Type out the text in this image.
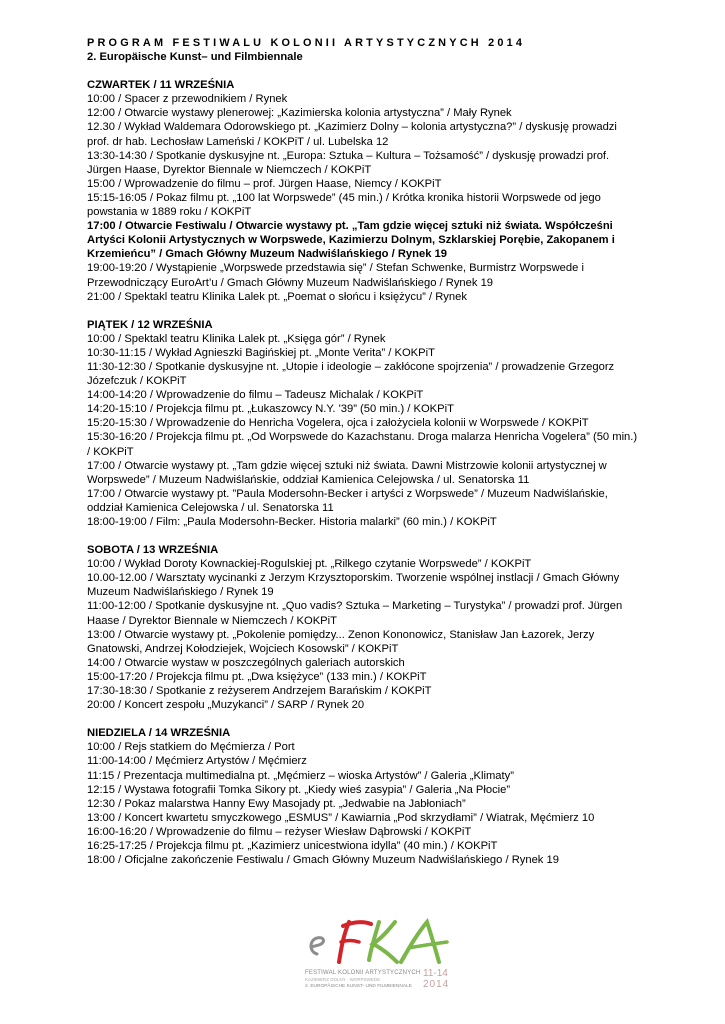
PROGRAM FESTIWALU KOLONII ARTYSTYCZNYCH 2014
2. Europäische Kunst– und Filmbiennale
CZWARTEK / 11 WRZEŚNIA
10:00 / Spacer z przewodnikiem / Rynek
12:00 / Otwarcie wystawy plenerowej: „Kazimierska kolonia artystyczna” / Mały Rynek
12.30 / Wykład Waldemara Odorowskiego pt. „Kazimierz Dolny – kolonia artystyczna?” / dyskusję prowadzi prof. dr hab. Lechosław Lameński / KOKPiT / ul. Lubelska 12
13:30-14:30 / Spotkanie dyskusyjne nt. „Europa: Sztuka – Kultura – Tożsamość” / dyskusję prowadzi prof. Jürgen Haase, Dyrektor Biennale w Niemczech / KOKPiT
15:00 / Wprowadzenie do filmu – prof. Jürgen Haase, Niemcy / KOKPiT
15:15-16:05 / Pokaz filmu pt. „100 lat Worpswede” (45 min.) / Krótka kronika historii Worpswede od jego powstania w 1889 roku / KOKPiT
17:00 / Otwarcie Festiwalu / Otwarcie wystawy pt. „Tam gdzie więcej sztuki niż świata. Współcześni Artyści Kolonii Artystycznych w Worpswede, Kazimierzu Dolnym, Szklarskiej Porębie, Zakopanem i Krzemieńcu” / Gmach Główny Muzeum Nadwiślańskiego / Rynek 19
19:00-19:20 / Wystąpienie „Worpswede przedstawia się” / Stefan Schwenke, Burmistrz Worpswede i Przewodniczący EuroArt’u / Gmach Główny Muzeum Nadwiślańskiego / Rynek 19
21:00 / Spektakl teatru Klinika Lalek pt. „Poemat o słońcu i księżycu” / Rynek
PIĄTEK / 12 WRZEŚNIA
10:00 / Spektakl teatru Klinika Lalek pt. „Księga gór” / Rynek
10:30-11:15 / Wykład Agnieszki Bagińskiej pt. „Monte Verita” / KOKPiT
11:30-12:30 / Spotkanie dyskusyjne nt. „Utopie i ideologie – zakłócone spojrzenia” / prowadzenie Grzegorz Józefczuk / KOKPiT
14:00-14:20 / Wprowadzenie do filmu – Tadeusz Michalak / KOKPiT
14:20-15:10 / Projekcja filmu pt. „Łukaszowcy N.Y. '39” (50 min.) / KOKPiT
15:20-15:30 / Wprowadzenie do Henricha Vogelera, ojca i założyciela kolonii w Worpswede / KOKPiT
15:30-16:20 / Projekcja filmu pt. „Od Worpswede do Kazachstanu. Droga malarza Henricha Vogelera” (50 min.) / KOKPiT
17:00 / Otwarcie wystawy pt. „Tam gdzie więcej sztuki niż świata. Dawni Mistrzowie kolonii artystycznej w Worpswede” / Muzeum Nadwiślańskie, oddział Kamienica Celejowska / ul. Senatorska 11
17:00 / Otwarcie wystawy pt. ”Paula Modersohn-Becker i artyści z Worpswede” / Muzeum Nadwiślańskie, oddział Kamienica Celejowska / ul. Senatorska 11
18:00-19:00 / Film: „Paula Modersohn-Becker. Historia malarki” (60 min.) / KOKPiT
SOBOTA / 13 WRZEŚNIA
10:00 / Wykład Doroty Kownackiej-Rogulskiej pt. „Rilkego czytanie Worpswede” / KOKPiT
10.00-12.00 / Warsztaty wycinanki z Jerzym Krzysztoporskim. Tworzenie wspólnej instlacji / Gmach Główny Muzeum Nadwiślańskiego / Rynek 19
11:00-12:00 / Spotkanie dyskusyjne nt. „Quo vadis? Sztuka – Marketing – Turystyka” / prowadzi prof. Jürgen Haase / Dyrektor Biennale w Niemczech / KOKPiT
13:00 / Otwarcie wystawy pt. „Pokolenie pomiędzy... Zenon Kononowicz, Stanisław Jan Łazorek, Jerzy Gnatowski, Andrzej Kołodziejek, Wojciech Kosowski” / KOKPiT
14:00 / Otwarcie wystaw w poszczególnych galeriach autorskich
15:00-17:20 / Projekcja filmu pt. „Dwa księżyce” (133 min.) / KOKPiT
17:30-18:30 / Spotkanie z reżyserem Andrzejem Barańskim / KOKPiT
20:00 / Koncert zespołu „Muzykanci” / SARP / Rynek 20
NIEDZIELA / 14 WRZEŚNIA
10:00 / Rejs statkiem do Męćmierza / Port
11:00-14:00 / Męćmierz Artystów / Męćmierz
11:15 / Prezentacja multimedialna pt. „Męćmierz – wioska Artystów” / Galeria „Klimaty”
12:15 / Wystawa fotografii Tomka Sikory pt. „Kiedy wieś zasypia” / Galeria „Na Płocie”
12:30 / Pokaz malarstwa Hanny Ewy Masojady pt. „Jedwabie na Jabłoniach”
13:00 / Koncert kwartetu smyczkowego „ESMUS” / Kawiarnia „Pod skrzydłami” / Wiatrak, Męćmierz 10
16:00-16:20 / Wprowadzenie do filmu – reżyser Wiesław Dąbrowski / KOKPiT
16:25-17:25 / Projekcja filmu pt. „Kazimierz unicestwiona idylla” (40 min.) / KOKPiT
18:00 / Oficjalne zakończenie Festiwalu / Gmach Główny Muzeum Nadwiślańskiego / Rynek 19
FESTIWAL KOLONII ARTYSTYCZNYCH
KAZIMIERZ DOLNY · WORPSWEDE
2. EUROPÄISCHE KUNST- UND FILMBIENNALE
11-14
2014
